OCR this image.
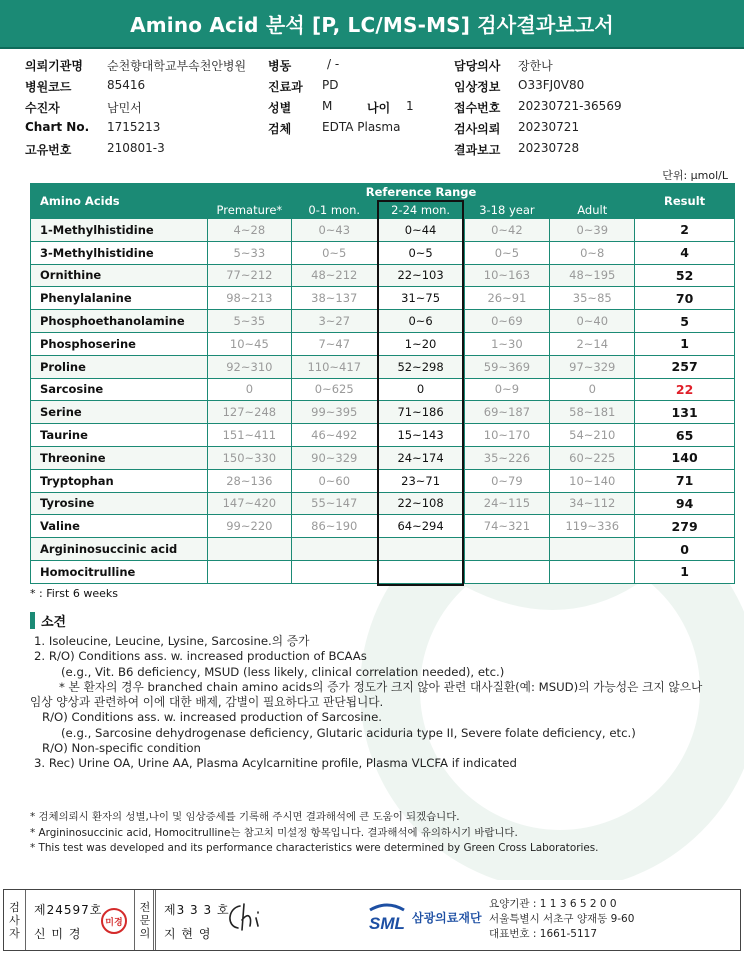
Amino Acid 분석 [P, LC/MS-MS] 검사결과보고서
의뢰기관명 순천향대학교부속천안병원 병동	/ -	담당의사 장한나
병원코드	85416	진료과 PD	임상정보 O33FJ0V80
수진자	남민서	성별	M	나이 1	접수번호 20230721-36569
Chart No. 1715213	검체	EDTA Plasma	검사의뢰 20230721
고유번호	210801-3	결과보고 20230728
단위: µmol/L
Amino Acids	Reference Range					Result
	Premature*	0-1 mon.	2-24 mon.	3-18 year	Adult	
1-Methylhistidine	4~28	0~43	0~44	0~42	0~39	2
3-Methylhistidine	5~33	0~5	0~5	0~5	0~8	4
Ornithine	77~212	48~212	22~103	10~163	48~195	52
Phenylalanine	98~213	38~137	31~75	26~91	35~85	70
Phosphoethanolamine	5~35	3~27	0~6	0~69	0~40	5
Phosphoserine	10~45	7~47	1~20	1~30	2~14	1
Proline	92~310	110~417	52~298	59~369	97~329	257
Sarcosine	0	0~625	0	0~9	0	22
Serine	127~248	99~395	71~186	69~187	58~181	131
Taurine	151~411	46~492	15~143	10~170	54~210	65
Threonine	150~330	90~329	24~174	35~226	60~225	140
Tryptophan	28~136	0~60	23~71	0~79	10~140	71
Tyrosine	147~420	55~147	22~108	24~115	34~112	94
Valine	99~220	86~190	64~294	74~321	119~336	279
Argininosuccinic acid						0
Homocitrulline						1
* : First 6 weeks
소견
1. Isoleucine, Leucine, Lysine, Sarcosine.의 증가
2. R/O) Conditions ass. w. increased production of BCAAs
(e.g., Vit. B6 deficiency, MSUD (less likely, clinical correlation needed), etc.)
* 본 환자의 경우 branched chain amino acids의 증가 정도가 크지 않아 관련 대사질환(예: MSUD)의 가능성은 크지 않으나
임상 양상과 관련하여 이에 대한 배제, 감별이 필요하다고 판단됩니다.
R/O) Conditions ass. w. increased production of Sarcosine.
(e.g., Sarcosine dehydrogenase deficiency, Glutaric aciduria type II, Severe folate deficiency, etc.)
R/O) Non-specific condition
3. Rec) Urine OA, Urine AA, Plasma Acylcarnitine profile, Plasma VLCFA if indicated
* 검체의뢰시 환자의 성별,나이 및 임상증세를 기록해 주시면 결과해석에 큰 도움이 되겠습니다.
* Argininosuccinic acid, Homocitrulline는 참고치 미설정 항목입니다. 결과해석에 유의하시기 바랍니다.
* This test was developed and its performance characteristics were determined by Green Cross Laboratories.
검
사
자
제24597호
신 미 경
미경
전
문
의
제3 3 3 호
지 현 영
SML 삼광의료재단
요양기관 : 1 1 3 6 5 2 0 0
서울특별시 서초구 양재동 9-60
대표번호 : 1661-5117
